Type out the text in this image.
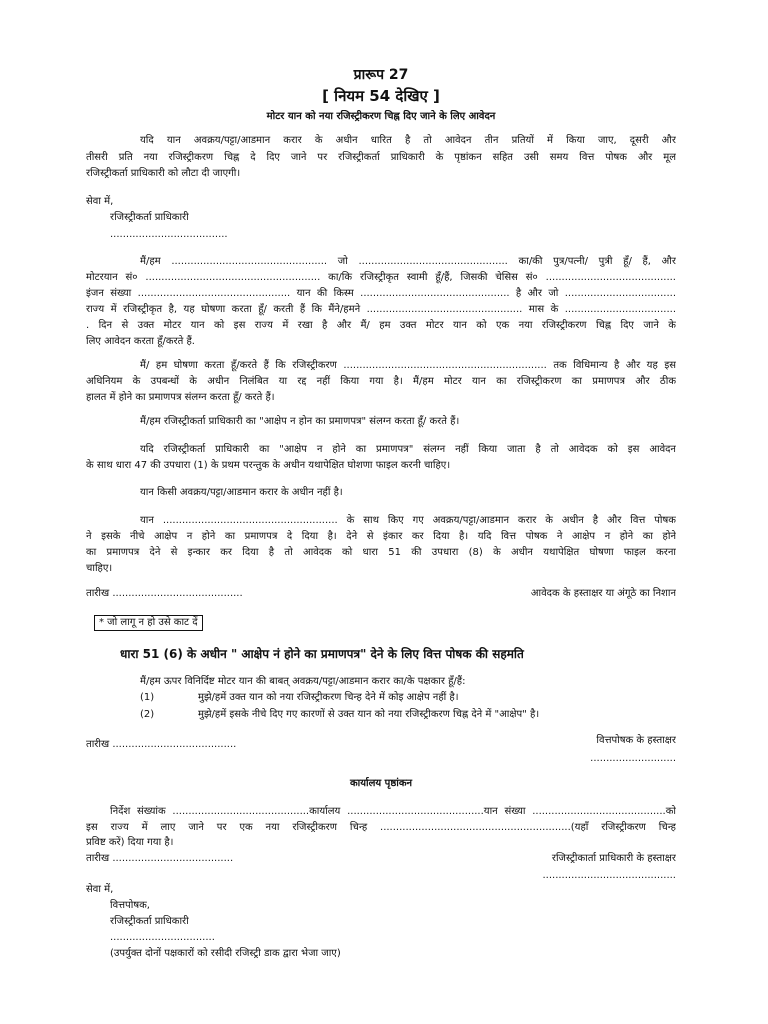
प्रारूप 27
[ नियम 54 देखिए ]
मोटर यान को नया रजिस्ट्रीकरण चिह्न दिए जाने के लिए आवेदन
यदि यान अवक्रय/पट्टा/आडमान करार के अधीन धारित है तो आवेदन तीन प्रतियों में किया जाए, दूसरी और
तीसरी प्रति नया रजिस्ट्रीकरण चिह्न दे दिए जाने पर रजिस्ट्रीकर्ता प्राधिकारी के पृष्ठांकन सहित उसी समय वित्त पोषक और मूल
रजिस्ट्रीकर्ता प्राधिकारी को लौटा दी जाएगी।
सेवा में,
रजिस्ट्रीकर्ता प्राधिकारी
.....................................
मैं/हम ................................................. जो ............................................... का/की पुत्र/पत्नी/ पुत्री हूँ/ हैं, और
मोटरयान सं० ....................................................... का/कि रजिस्ट्रीकृत स्वामी हूँ/हैं, जिसकी चेसिस सं० .........................................
इंजन संख्या ................................................ यान की किस्म ............................................... है और जो ...................................
राज्य में रजिस्ट्रीकृत है, यह घोषणा करता हूँ/ करती हैं कि मैंने/हमने ................................................. मास के ...................................
. दिन से उक्त मोटर यान को इस राज्य में रखा है और मैं/ हम उक्त मोटर यान को एक नया रजिस्ट्रीकरण चिह्न दिए जाने के
लिए आवेदन करता हूँ/करते हैं.
मैं/ हम घोषणा करता हूँ/करते हैं कि रजिस्ट्रीकरण ................................................................ तक विधिमान्य है और यह इस
अधिनियम के उपबन्धों के अधीन निलंबित या रद्द नहीं किया गया है। मैं/हम मोटर यान का रजिस्ट्रीकरण का प्रमाणपत्र और ठीक
हालत में होने का प्रमाणपत्र संलग्न करता हूँ/ करते हैं।
मैं/हम रजिस्ट्रीकर्ता प्राधिकारी का "आक्षेप न होन का प्रमाणपत्र" संलग्न करता हूँ/ करते हैं।
यदि रजिस्ट्रीकर्ता प्राधिकारी का "आक्षेप न होने का प्रमाणपत्र" संलग्न नहीं किया जाता है तो आवेदक को इस आवेदन
के साथ धारा 47 की उपधारा (1) के प्रथम परन्तुक के अधीन यथापेक्षित घोशणा फाइल करनी चाहिए।
यान किसी अवक्रय/पट्टा/आडमान करार के अधीन नहीं है।
यान ....................................................... के साथ किए गए अवक्रय/पट्टा/आडमान करार के अधीन है और वित्त पोषक
ने इसके नीचे आक्षेप न होने का प्रमाणपत्र दे दिया है। देने से इंकार कर दिया है। यदि वित्त पोषक ने आक्षेप न होने का होने
का प्रमाणपत्र देने से इन्कार कर दिया है तो आवेदक को धारा 51 की उपधारा (8) के अधीन यथापेक्षित घोषणा फाइल करना
चाहिए।
तारीख .........................................	आवेदक के हस्ताक्षर या अंगूठे का निशान
* जो लागू न हो उसे काट दें
धारा 51 (6) के अधीन " आक्षेप नं होने का प्रमाणपत्र" देने के लिए वित्त पोषक की सहमति
मैं/हम ऊपर विनिर्दिष्ट मोटर यान की बाबत् अवक्रय/पट्टा/आडमान करार का/के पक्षकार हूँ/हैं:
(1)	मुझे/हमें उक्त यान को नया रजिस्ट्रीकरण चिन्ह देने में कोइ आक्षेप नहीं है।
(2)	मुझे/हमें इसके नीचे दिए गए कारणों से उक्त यान को नया रजिस्ट्रीकरण चिह्न देने में "आक्षेप" है।
तारीख .......................................	वित्तपोषक के हस्ताक्षर
...........................
कार्यालय पृष्ठांकन
निर्देश संख्यांक ...........................................कार्यालय ...........................................यान संख्या ..........................................को
इस राज्य में लाए जाने पर एक नया रजिस्ट्रीकरण चिन्ह ............................................................(यहाँ रजिस्ट्रीकरण चिन्ह
प्रविष्ट करें) दिया गया है।
तारीख ......................................	रजिस्ट्रीकार्ता प्राधिकारी के हस्ताक्षर
..........................................
सेवा में,
वित्तपोषक,
रजिस्ट्रीकर्ता प्राधिकारी
.................................
(उपर्युक्त दोनों पक्षकारों को रसीदी रजिस्ट्री डाक द्वारा भेजा जाए)
